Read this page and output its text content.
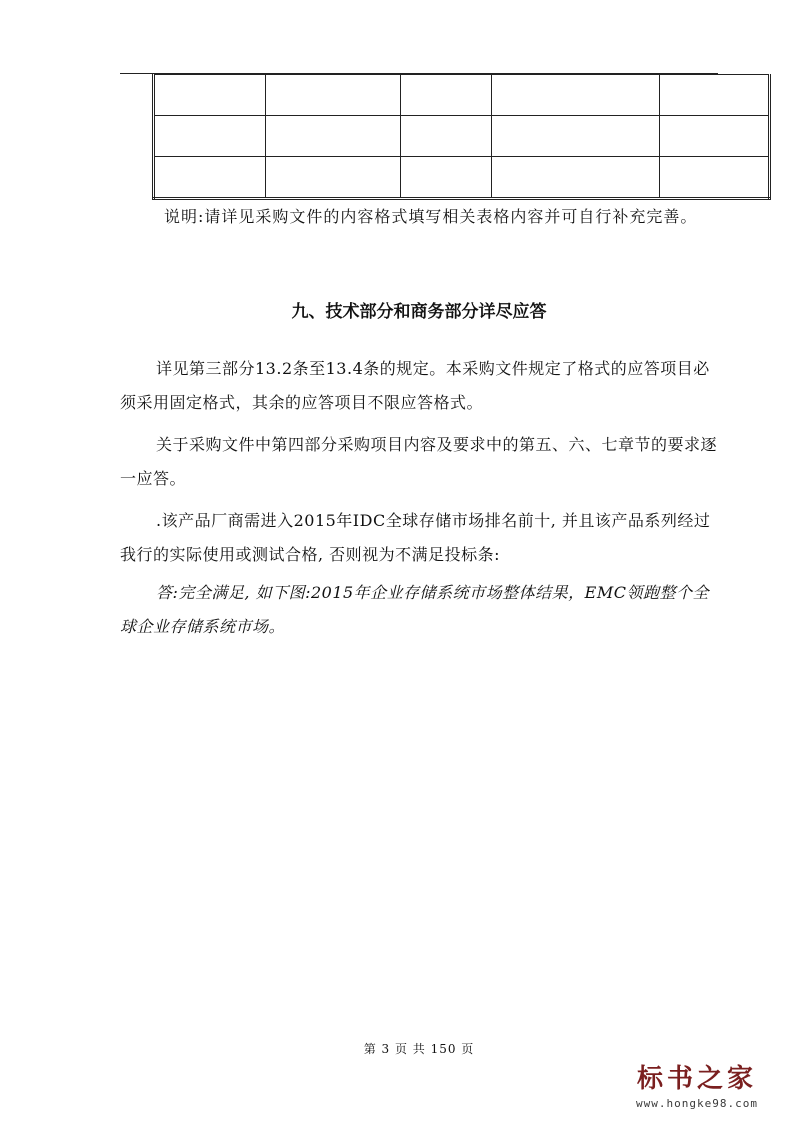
说明:请详见采购文件的内容格式填写相关表格内容并可自行补充完善。

九、技术部分和商务部分详尽应答

详见第三部分13.2条至13.4条的规定。本采购文件规定了格式的应答项目必须采用固定格式，其余的应答项目不限应答格式。

关于采购文件中第四部分采购项目内容及要求中的第五、六、七章节的要求逐一应答。

.该产品厂商需进入2015年IDC全球存储市场排名前十, 并且该产品系列经过我行的实际使用或测试合格, 否则视为不满足投标条:

答:完全满足, 如下图:2015年企业存储系统市场整体结果，EMC领跑整个全球企业存储系统市场。

第 3 页 共 150 页

标书之家
www.hongke98.com
